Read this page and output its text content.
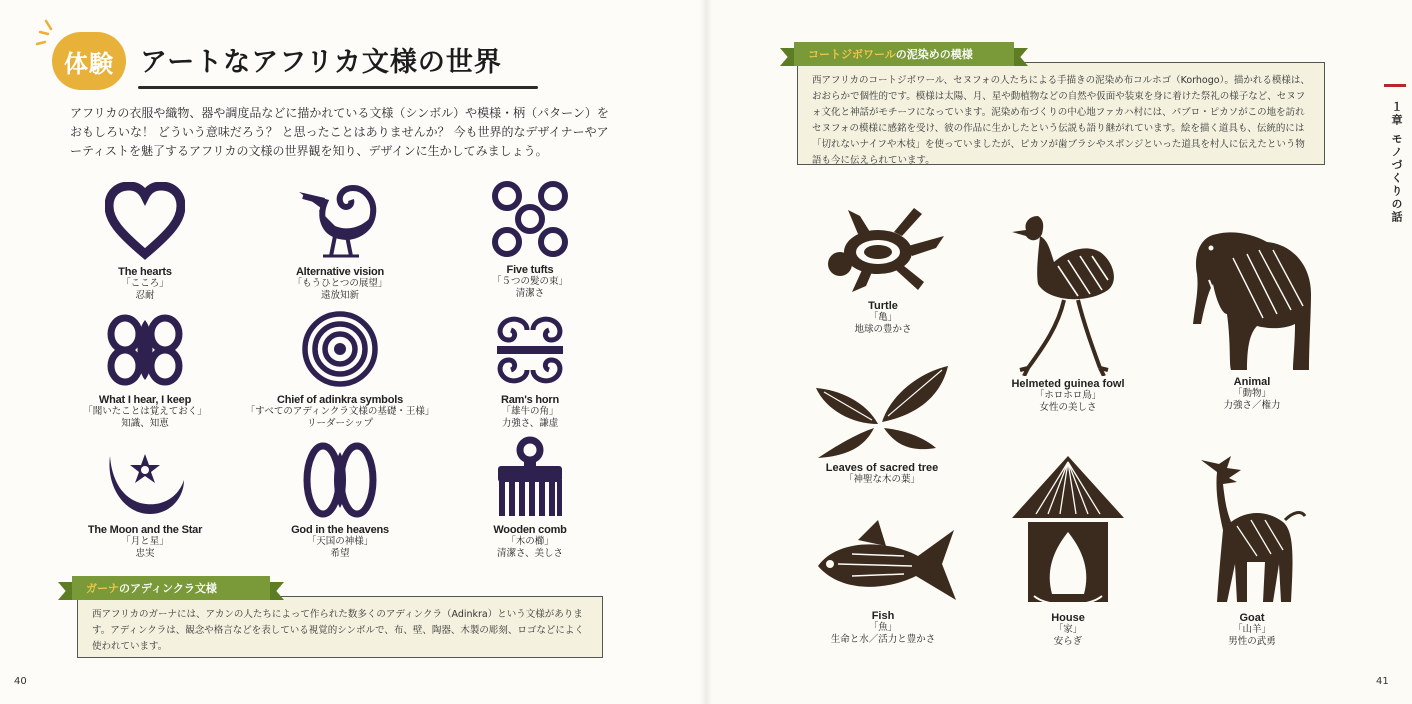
体験 アートなアフリカ文様の世界
アフリカの衣服や織物、器や調度品などに描かれている文様（シンボル）や模様・柄（パターン）を おもしろいな！ どういう意味だろう？ と思ったことはありませんか？ 今も世界的なデザイナーやアーティストを魅了するアフリカの文様の世界観を知り、デザインに生かしてみましょう。
The hearts
「こころ」
忍耐
Alternative vision
「もうひとつの展望」
遠放知新
Five tufts
「５つの髪の束」
清潔さ
What I hear, I keep
「聞いたことは覚えておく」
知識、知恵
Chief of adinkra symbols
「すべてのアディンクラ文様の基礎・王様」
リーダーシップ
Ram's horn
「雄牛の角」
力強さ、謙虚
The Moon and the Star
「月と星」
忠実
God in the heavens
「天国の神様」
希望
Wooden comb
「木の櫛」
清潔さ、美しさ
西アフリカのガーナには、アカンの人たちによって作られた数多くのアディンクラ（Adinkra）という文様があります。アディンクラは、観念や格言などを表している視覚的シンボルで、布、壁、陶器、木製の彫刻、ロゴなどによく使われています。
ガーナ のアディンクラ文様
40
西アフリカのコートジボワール、セヌフォの人たちによる手描きの泥染め布コルホゴ（Korhogo）。描かれる模様は、おおらかで個性的です。模様は太陽、月、星や動植物などの自然や仮面や装束を身に着けた祭礼の様子など、セヌフォ文化と神話がモチーフになっています。泥染め布づくりの中心地ファカハ村には、パブロ・ピカソがこの地を訪れセヌフォの模様に感銘を受け、彼の作品に生かしたという伝説も語り継がれています。絵を描く道具も、伝統的には「切れないナイフや木枝」を使っていましたが、ピカソが歯ブラシやスポンジといった道具を村人に伝えたという物語も今に伝えられています。
コートジボワール の泥染めの模様
１章 モノづくりの話
Turtle
「亀」
地球の豊かさ
Helmeted guinea fowl
「ホロホロ鳥」
女性の美しさ
Animal
「動物」
力強さ／権力
Leaves of sacred tree
「神聖な木の葉」
Fish
「魚」
生命と水／活力と豊かさ
House
「家」
安らぎ
Goat
「山羊」
男性の武勇
41
